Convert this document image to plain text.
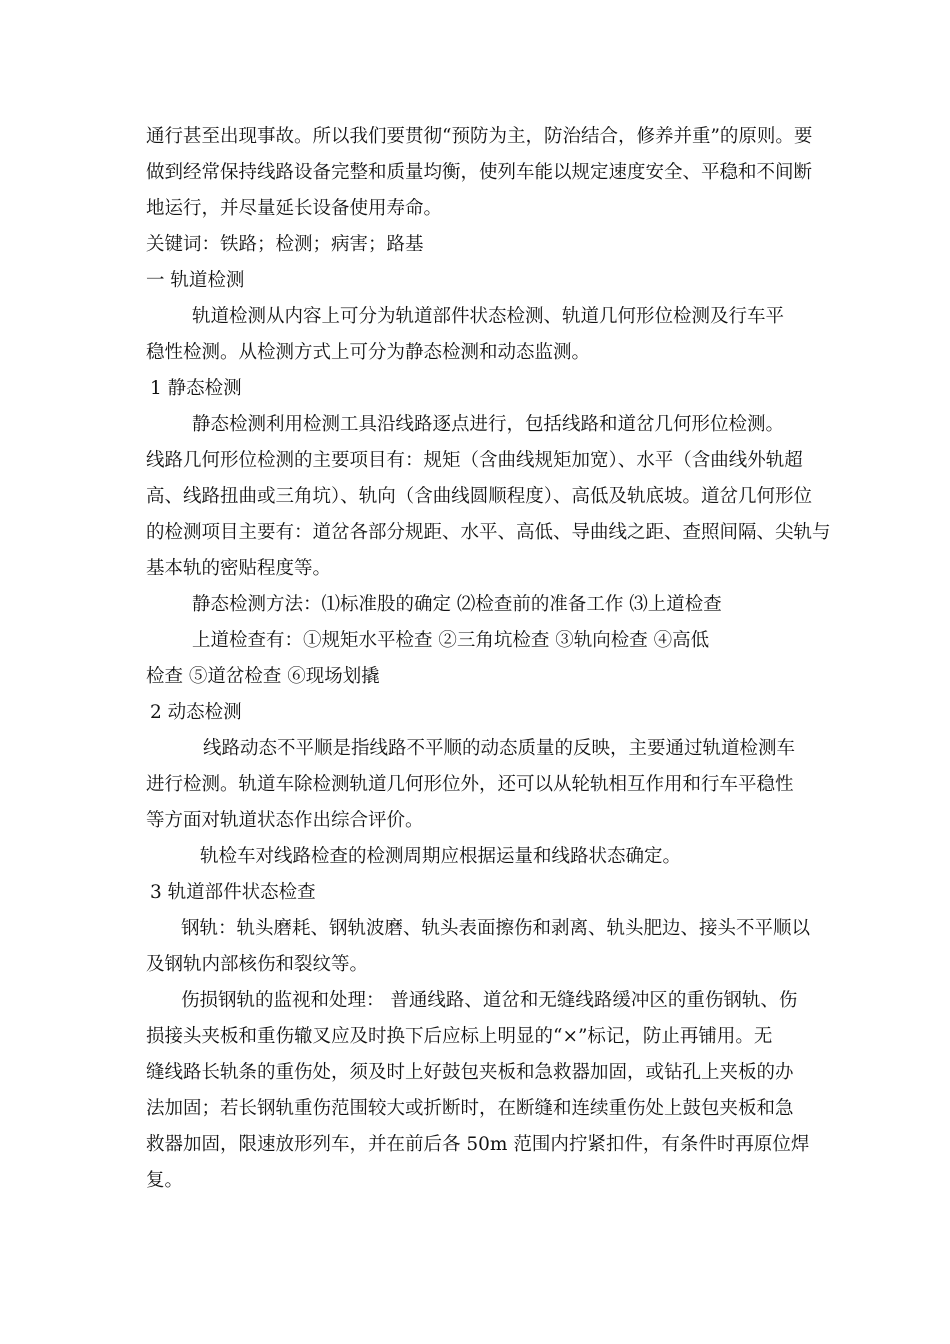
通行甚至出现事故。所以我们要贯彻“预防为主，防治结合，修养并重”的原则。要
做到经常保持线路设备完整和质量均衡，使列车能以规定速度安全、平稳和不间断
地运行，并尽量延长设备使用寿命。
关键词：铁路；检测；病害；路基
一 轨道检测
轨道检测从内容上可分为轨道部件状态检测、轨道几何形位检测及行车平
稳性检测。从检测方式上可分为静态检测和动态监测。
1 静态检测
静态检测利用检测工具沿线路逐点进行，包括线路和道岔几何形位检测。
线路几何形位检测的主要项目有：规矩（含曲线规矩加宽）、水平（含曲线外轨超
高、线路扭曲或三角坑）、轨向（含曲线圆顺程度）、高低及轨底坡。道岔几何形位
的检测项目主要有：道岔各部分规距、水平、高低、导曲线之距、查照间隔、尖轨与
基本轨的密贴程度等。
静态检测方法：⑴标准股的确定 ⑵检查前的准备工作 ⑶上道检查
上道检查有：①规矩水平检查 ②三角坑检查 ③轨向检查 ④高低
检查 ⑤道岔检查 ⑥现场划撬
2 动态检测
线路动态不平顺是指线路不平顺的动态质量的反映，主要通过轨道检测车
进行检测。轨道车除检测轨道几何形位外，还可以从轮轨相互作用和行车平稳性
等方面对轨道状态作出综合评价。
轨检车对线路检查的检测周期应根据运量和线路状态确定。
3 轨道部件状态检查
钢轨：轨头磨耗、钢轨波磨、轨头表面擦伤和剥离、轨头肥边、接头不平顺以
及钢轨内部核伤和裂纹等。
伤损钢轨的监视和处理： 普通线路、道岔和无缝线路缓冲区的重伤钢轨、伤
损接头夹板和重伤辙叉应及时换下后应标上明显的“×”标记，防止再铺用。无
缝线路长轨条的重伤处，须及时上好鼓包夹板和急救器加固，或钻孔上夹板的办
法加固；若长钢轨重伤范围较大或折断时，在断缝和连续重伤处上鼓包夹板和急
救器加固，限速放形列车，并在前后各 50m 范围内拧紧扣件，有条件时再原位焊
复。
